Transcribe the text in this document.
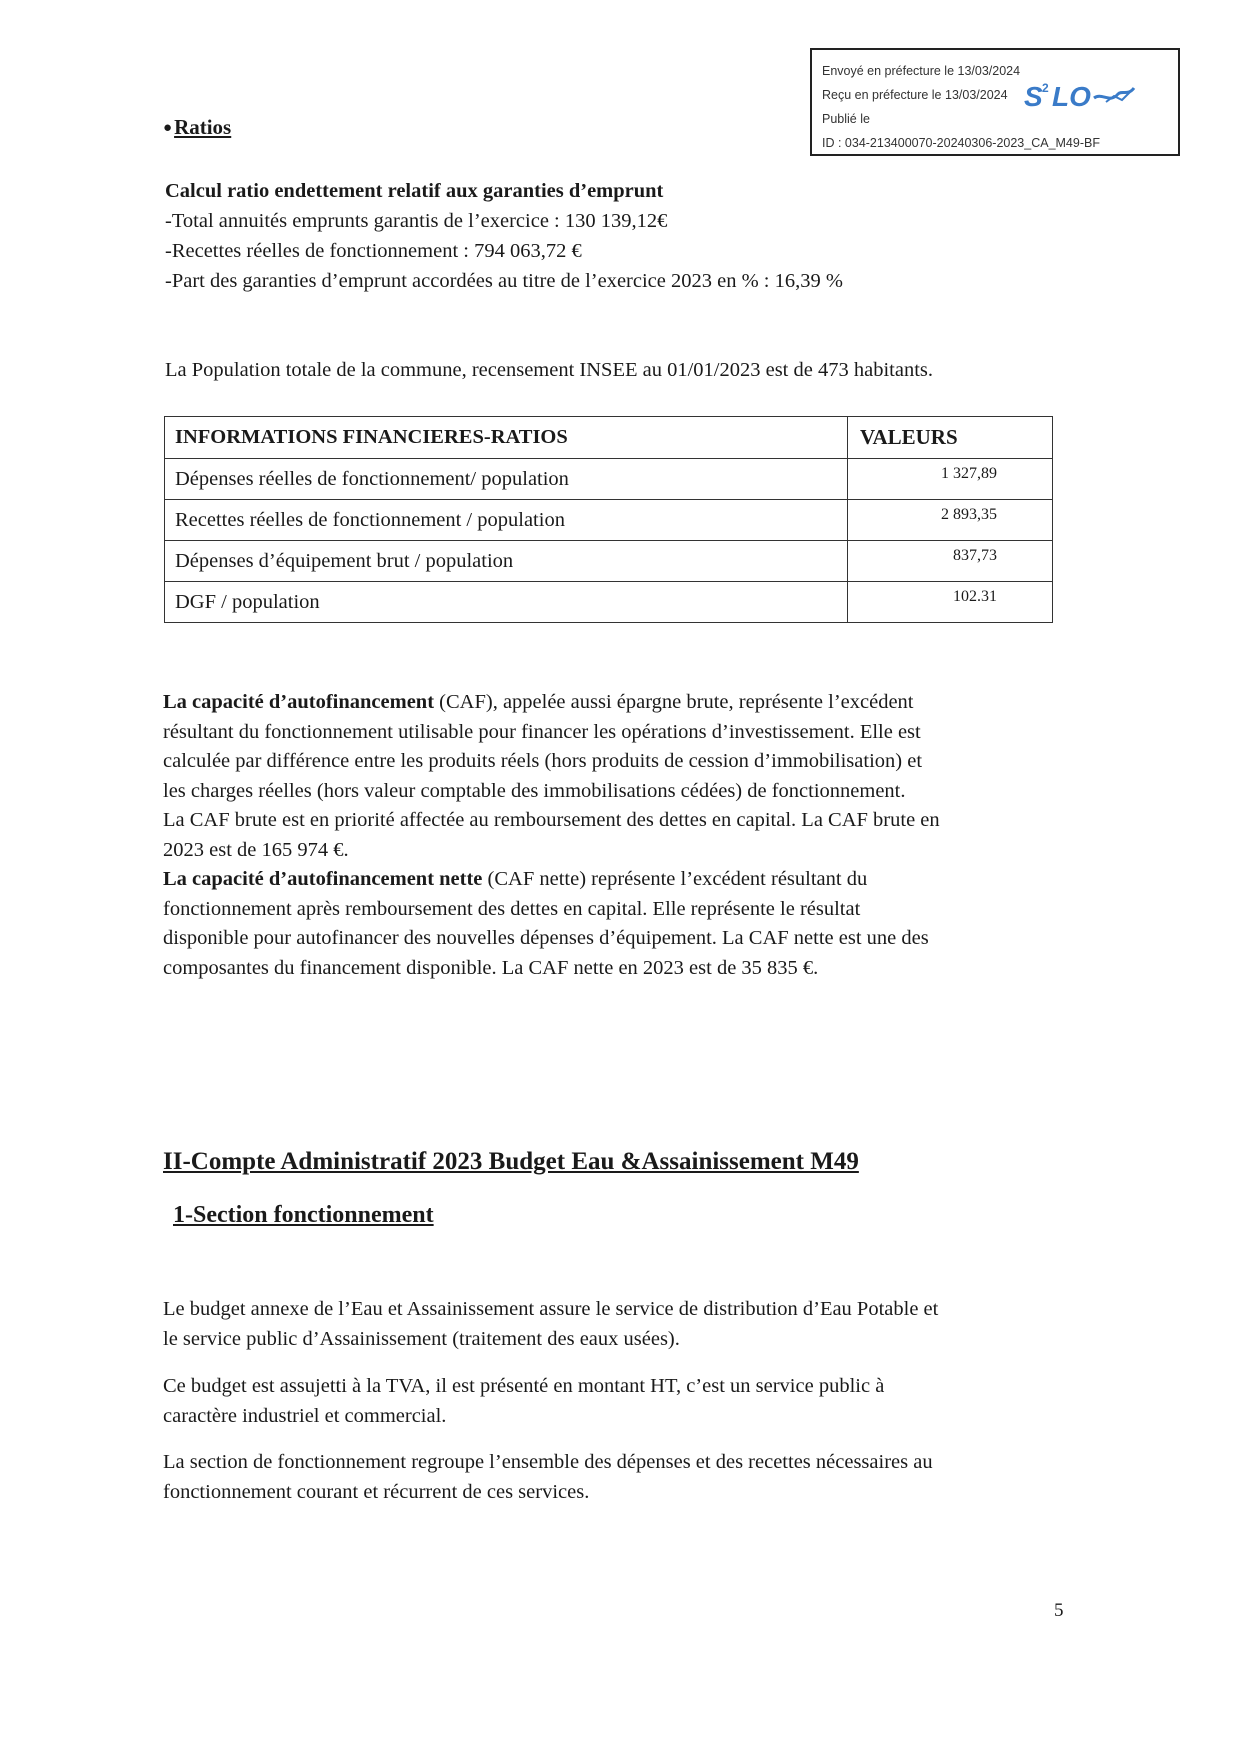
Envoyé en préfecture le 13/03/2024
Reçu en préfecture le 13/03/2024
Publié le
ID : 034-213400070-20240306-2023_CA_M49-BF
S 2 LO
●Ratios
Calcul ratio endettement relatif aux garanties d’emprunt
-Total annuités emprunts garantis de l’exercice : 130 139,12€
-Recettes réelles de fonctionnement : 794 063,72 €
-Part des garanties d’emprunt accordées au titre de l’exercice 2023 en % : 16,39 %
La Population totale de la commune, recensement INSEE au 01/01/2023 est de 473 habitants.
INFORMATIONS FINANCIERES-RATIOS	VALEURS
Dépenses réelles de fonctionnement/ population	1 327,89
Recettes réelles de fonctionnement / population	2 893,35
Dépenses d’équipement brut / population	837,73
DGF / population	102.31
La capacité d’autofinancement (CAF), appelée aussi épargne brute, représente l’excédent
résultant du fonctionnement utilisable pour financer les opérations d’investissement. Elle est
calculée par différence entre les produits réels (hors produits de cession d’immobilisation) et
les charges réelles (hors valeur comptable des immobilisations cédées) de fonctionnement.
La CAF brute est en priorité affectée au remboursement des dettes en capital. La CAF brute en
2023 est de 165 974 €.
La capacité d’autofinancement nette (CAF nette) représente l’excédent résultant du
fonctionnement après remboursement des dettes en capital. Elle représente le résultat
disponible pour autofinancer des nouvelles dépenses d’équipement. La CAF nette est une des
composantes du financement disponible. La CAF nette en 2023 est de 35 835 €.
II-Compte Administratif 2023 Budget Eau &Assainissement M49
1-Section fonctionnement
Le budget annexe de l’Eau et Assainissement assure le service de distribution d’Eau Potable et
le service public d’Assainissement (traitement des eaux usées).
Ce budget est assujetti à la TVA, il est présenté en montant HT, c’est un service public à
caractère industriel et commercial.
La section de fonctionnement regroupe l’ensemble des dépenses et des recettes nécessaires au
fonctionnement courant et récurrent de ces services.
5
